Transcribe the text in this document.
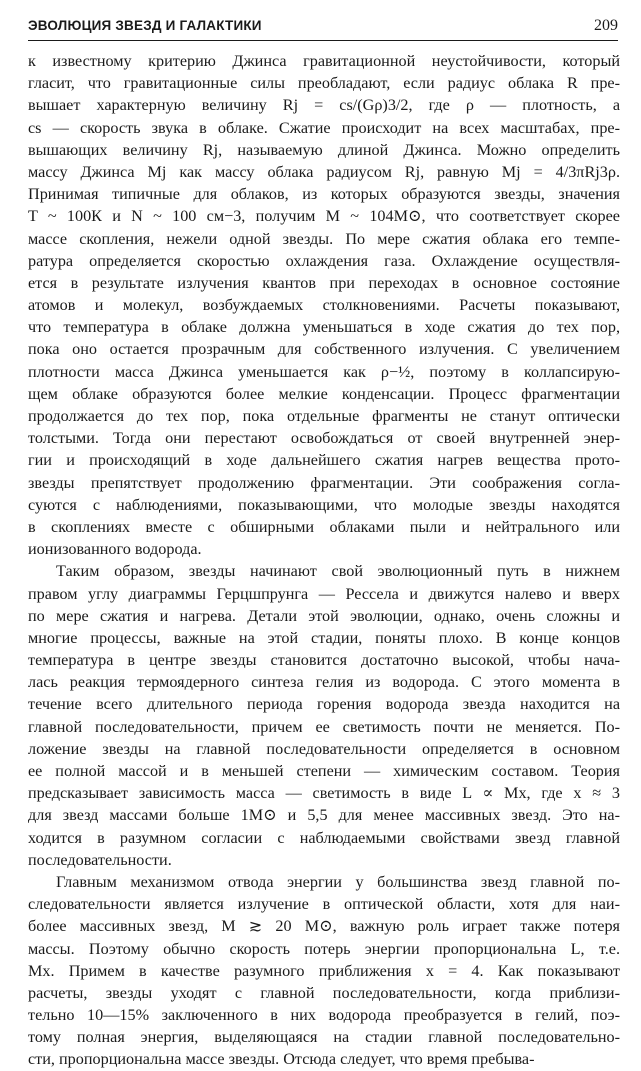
ЭВОЛЮЦИЯ ЗВЕЗД И ГАЛАКТИКИ	209
к известному критерию Джинса гравитационной неустойчивости, который
гласит, что гравитационные силы преобладают, если радиус облака R пре-
вышает характерную величину Rj = cs/(Gρ)3/2, где ρ — плотность, а
cs — скорость звука в облаке. Сжатие происходит на всех масштабах, пре-
вышающих величину Rj, называемую длиной Джинса. Можно определить
массу Джинса Mj как массу облака радиусом Rj, равную Mj = 4/3πRj3ρ.
Принимая типичные для облаков, из которых образуются звезды, значения
T ~ 100К и N ~ 100 см−3, получим M ~ 104M⊙, что соответствует скорее
массе скопления, нежели одной звезды. По мере сжатия облака его темпе-
ратура определяется скоростью охлаждения газа. Охлаждение осуществля-
ется в результате излучения квантов при переходах в основное состояние
атомов и молекул, возбуждаемых столкновениями. Расчеты показывают,
что температура в облаке должна уменьшаться в ходе сжатия до тех пор,
пока оно остается прозрачным для собственного излучения. С увеличением
плотности масса Джинса уменьшается как ρ−½, поэтому в коллапсирую-
щем облаке образуются более мелкие конденсации. Процесс фрагментации
продолжается до тех пор, пока отдельные фрагменты не станут оптически
толстыми. Тогда они перестают освобождаться от своей внутренней энер-
гии и происходящий в ходе дальнейшего сжатия нагрев вещества прото-
звезды препятствует продолжению фрагментации. Эти соображения согла-
суются с наблюдениями, показывающими, что молодые звезды находятся
в скоплениях вместе с обширными облаками пыли и нейтрального или
ионизованного водорода.
Таким образом, звезды начинают свой эволюционный путь в нижнем
правом углу диаграммы Герцшпрунга — Рессела и движутся налево и вверх
по мере сжатия и нагрева. Детали этой эволюции, однако, очень сложны и
многие процессы, важные на этой стадии, поняты плохо. В конце концов
температура в центре звезды становится достаточно высокой, чтобы нача-
лась реакция термоядерного синтеза гелия из водорода. С этого момента в
течение всего длительного периода горения водорода звезда находится на
главной последовательности, причем ее светимость почти не меняется. По-
ложение звезды на главной последовательности определяется в основном
ее полной массой и в меньшей степени — химическим составом. Теория
предсказывает зависимость масса — светимость в виде L ∝ Mx, где x ≈ 3
для звезд массами больше 1M⊙ и 5,5 для менее массивных звезд. Это на-
ходится в разумном согласии с наблюдаемыми свойствами звезд главной
последовательности.
Главным механизмом отвода энергии у большинства звезд главной по-
следовательности является излучение в оптической области, хотя для наи-
более массивных звезд, M ≳ 20 M⊙, важную роль играет также потеря
массы. Поэтому обычно скорость потерь энергии пропорциональна L, т.е.
Mx. Примем в качестве разумного приближения x = 4. Как показывают
расчеты, звезды уходят с главной последовательности, когда приблизи-
тельно 10—15% заключенного в них водорода преобразуется в гелий, поэ-
тому полная энергия, выделяющаяся на стадии главной последовательно-
сти, пропорциональна массе звезды. Отсюда следует, что время пребыва-
